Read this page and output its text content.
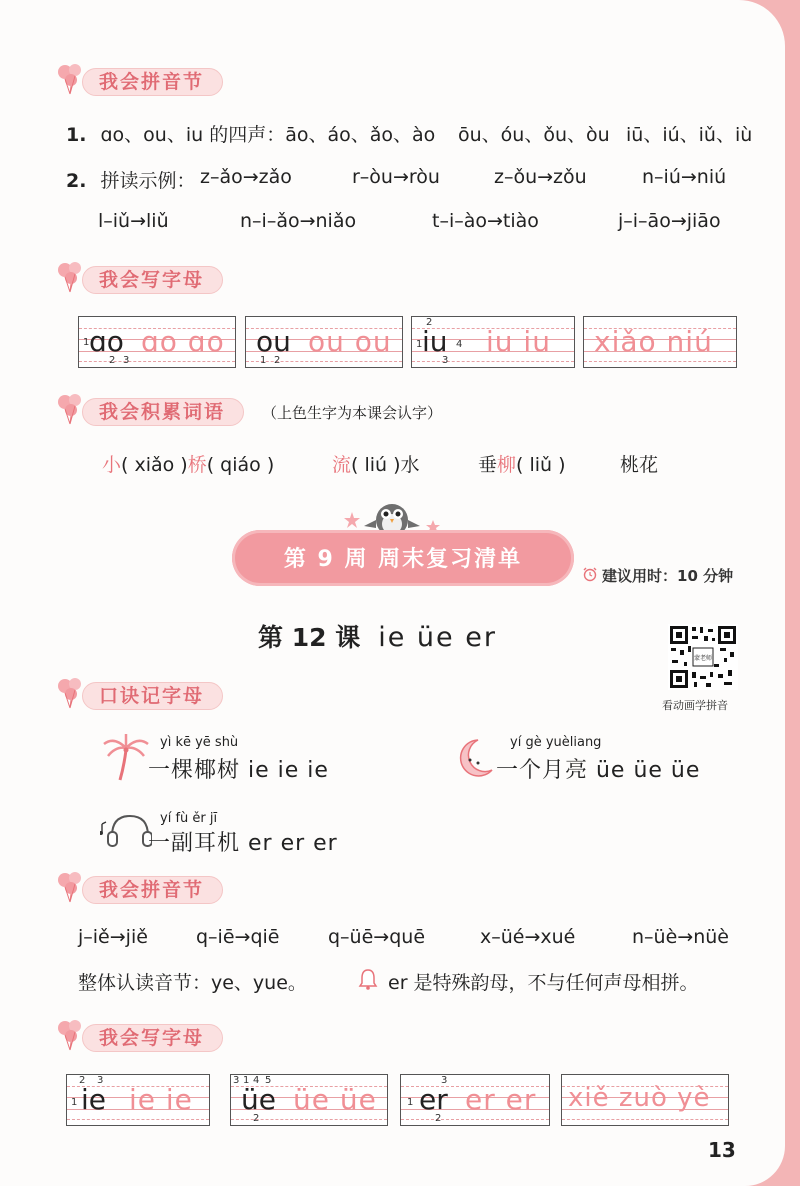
我会拼音节
1. ɑo、ou、iu 的四声：āo、áo、ǎo、ào ōu、óu、ǒu、òu iū、iú、iǔ、iù
2. 拼读示例： z–ǎo→zǎo	r–òu→ròu	z–ǒu→zǒu	n–iú→niú
l–iǔ→liǔ	n–i–ǎo→niǎo	t–i–ào→tiào	j–i–āo→jiāo
我会写字母
ɑo ɑo ɑo
1
2 3
ou ou ou
1 2
iu iu iu
2
1
3
4	xiǎo niú
我会积累词语	（上色生字为本课会认字）
小( xiǎo )桥( qiáo )	流( liú )水	垂柳( liǔ )	桃花
第 9 周 周末复习清单
建议用时：10 分钟
第 12 课 ie üe er
蒙老师
看动画学拼音
口诀记字母
yì kē yē shù
一棵椰树 ie ie ie
yí gè yuèliang
一个月亮 üe üe üe
yí fù ěr jī
一副耳机 er er er
我会拼音节
j–iě→jiě	q–iē→qiē	q–üē→quē	x–üé→xué	n–üè→nüè
整体认读音节：ye、yue。	er 是特殊韵母，不与任何声母相拼。
我会写字母
ie ie ie
2 3
1	üe üe üe
3 1 4 5
2
er er er
3
1
2
xiě zuò yè
13
